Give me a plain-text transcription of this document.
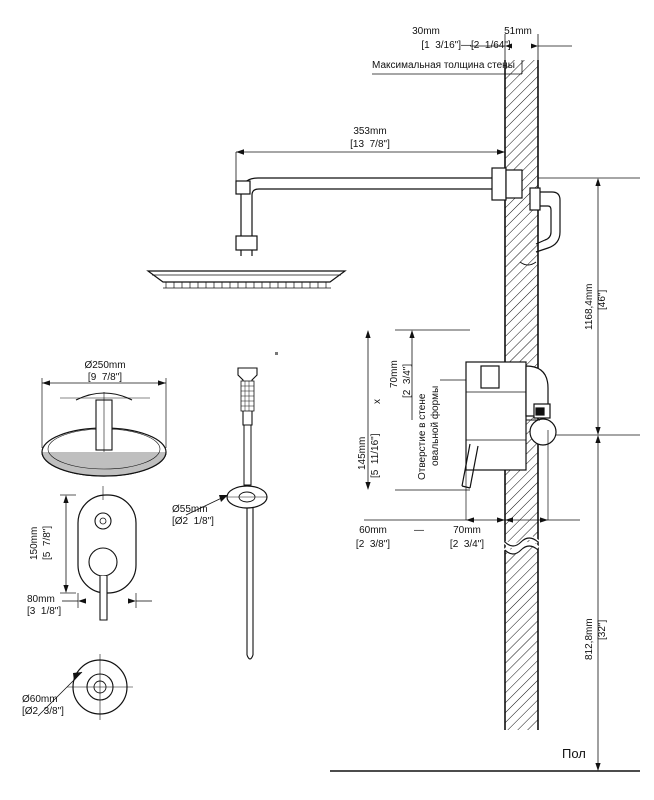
30mm	51mm
[1  3/16"]—[2  1/64"]
Максимальная толщина стены
353mm
[13  7/8"]
1168,4mm [46"]
812,8mm [32"]
145mm [5  11/16"]
x
70mm [2  3/4"]
Отверстие в стене овальной формы
60mm
[2  3/8"]
—	70mm
[2  3/4"]
Ø250mm
[9  7/8"]
Ø55mm
[Ø2  1/8"]
150mm [5  7/8"]
80mm
[3  1/8"]
Ø60mm
[Ø2  3/8"]
Пол
